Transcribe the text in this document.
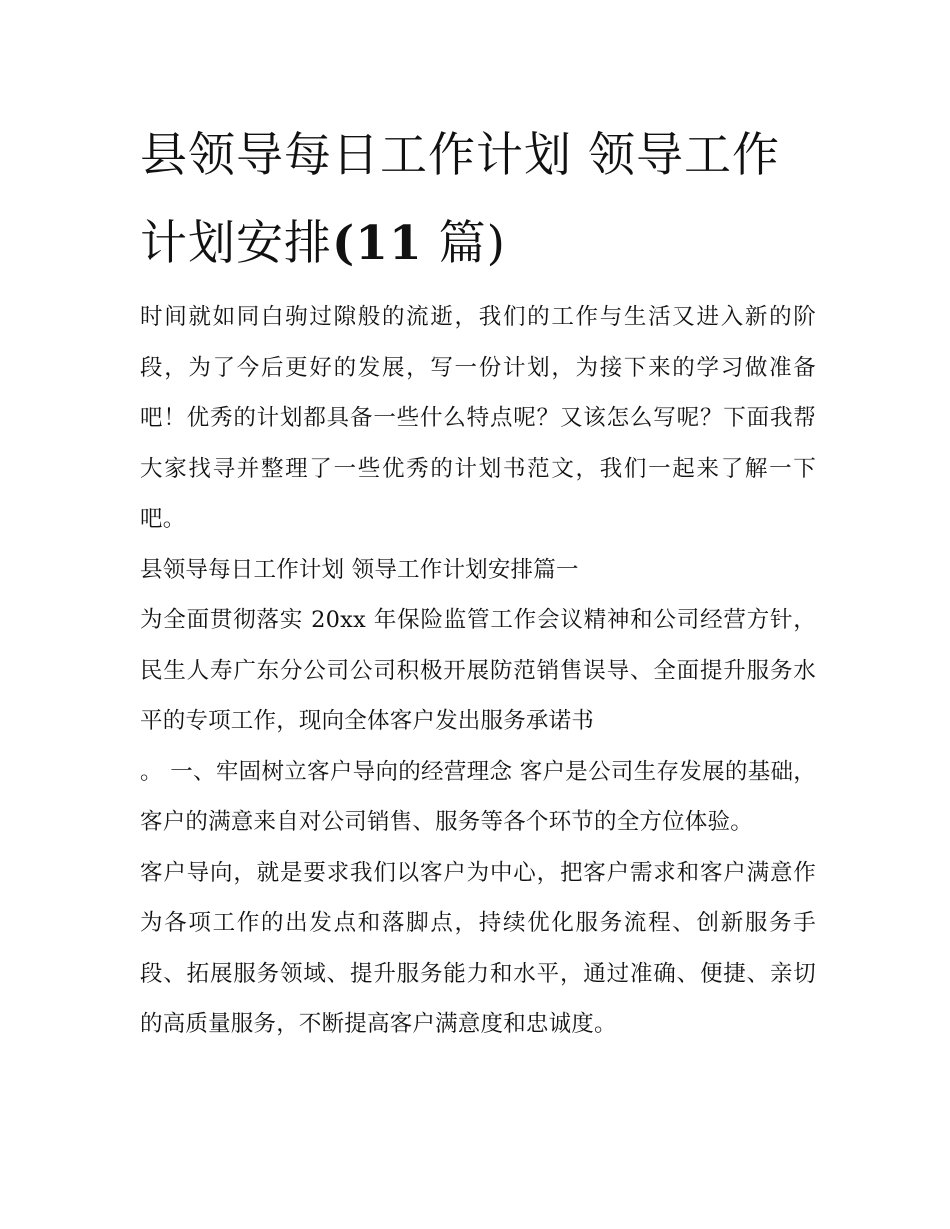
县领导每日工作计划 领导工作
计划安排(11 篇)

时间就如同白驹过隙般的流逝，我们的工作与生活又进入新的阶段，为了今后更好的发展，写一份计划，为接下来的学习做准备吧！优秀的计划都具备一些什么特点呢？又该怎么写呢？下面我帮大家找寻并整理了一些优秀的计划书范文，我们一起来了解一下吧。

县领导每日工作计划 领导工作计划安排篇一

为全面贯彻落实 20xx 年保险监管工作会议精神和公司经营方针，民生人寿广东分公司公司积极开展防范销售误导、全面提升服务水平的专项工作，现向全体客户发出服务承诺书

。 一、牢固树立客户导向的经营理念 客户是公司生存发展的基础，客户的满意来自对公司销售、服务等各个环节的全方位体验。

客户导向，就是要求我们以客户为中心，把客户需求和客户满意作为各项工作的出发点和落脚点，持续优化服务流程、创新服务手段、拓展服务领域、提升服务能力和水平，通过准确、便捷、亲切的高质量服务，不断提高客户满意度和忠诚度。
